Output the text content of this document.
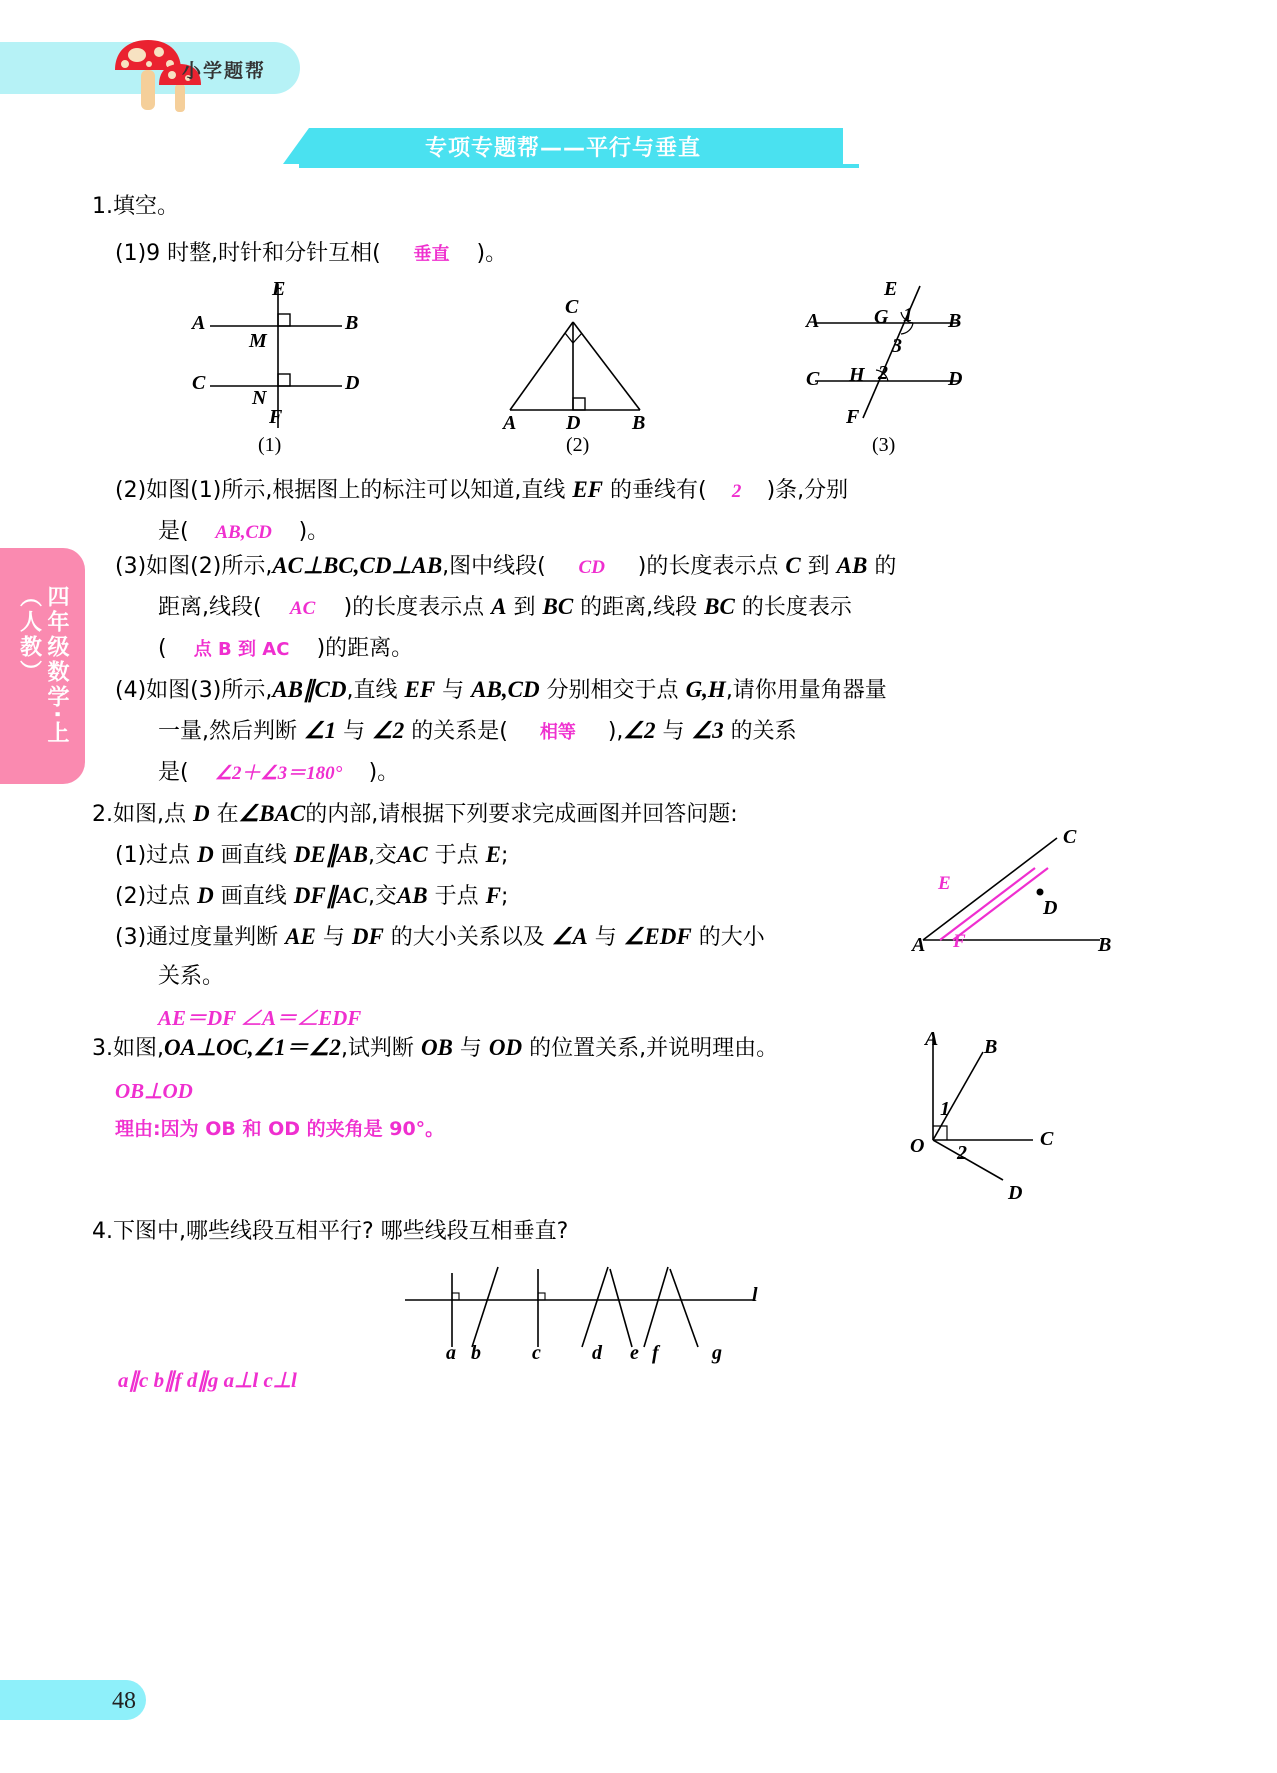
小学题帮
专项专题帮——平行与垂直
四年级数学·上
（人教）
48
1.填空。
(1)9 时整,时针和分针互相( 垂直 )。
E
A	B
M
C	D
N
F
(1)
C
A D	B
(2)
E
A	G 1
3
B
C H 2	D
F
(3)
(2)如图(1)所示,根据图上的标注可以知道,直线 EF 的垂线有( 2 )条,分别
是( AB,CD )。
(3)如图(2)所示,AC⊥BC,CD⊥AB,图中线段( CD )的长度表示点 C 到 AB 的
距离,线段( AC )的长度表示点 A 到 BC 的距离,线段 BC 的长度表示
( 点 B 到 AC )的距离。
(4)如图(3)所示,AB∥CD,直线 EF 与 AB,CD 分别相交于点 G,H,请你用量角器量
一量,然后判断 ∠1 与 ∠2 的关系是( 相等 ),∠2 与 ∠3 的关系
是( ∠2＋∠3＝180° )。
2.如图,点 D 在∠BAC的内部,请根据下列要求完成画图并回答问题:
(1)过点 D 画直线 DE∥AB,交AC 于点 E;
(2)过点 D 画直线 DF∥AC,交AB 于点 F;
(3)通过度量判断 AE 与 DF 的大小关系以及 ∠A 与 ∠EDF 的大小
关系。
AE＝DF ∠A＝∠EDF
C
E
D
A F	B
3.如图,OA⊥OC,∠1＝∠2,试判断 OB 与 OD 的位置关系,并说明理由。
OB⊥OD
理由:因为 OB 和 OD 的夹角是 90°。
A B
1
O 2
C
D
4.下图中,哪些线段互相平行? 哪些线段互相垂直?
l
a b	c	d e f	g
a∥c b∥f d∥g a⊥l c⊥l
